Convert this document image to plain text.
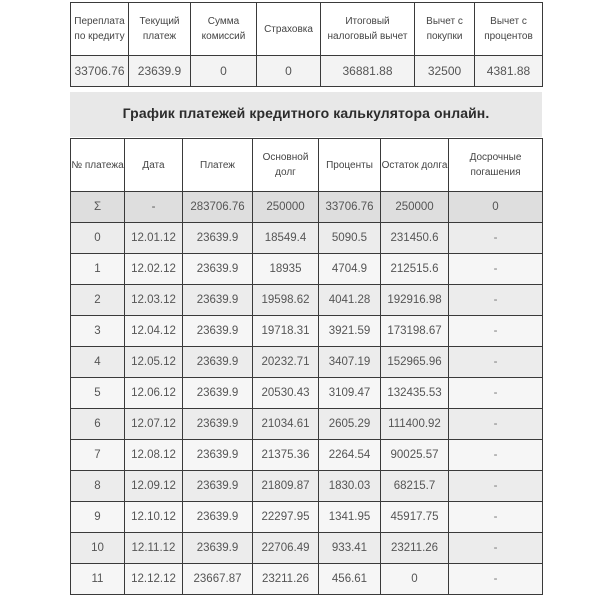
Переплата по кредиту	Текущий платеж	Сумма комиссий	Страховка	Итоговый налоговый вычет	Вычет с покупки	Вычет с процентов
33706.76	23639.9	0	0	36881.88	32500	4381.88
График платежей кредитного калькулятора онлайн.
№ платежа	Дата	Платеж	Основной долг	Проценты	Остаток долга	Досрочные погашения
Σ	-	283706.76	250000	33706.76	250000	0
0	12.01.12	23639.9	18549.4	5090.5	231450.6	-
1	12.02.12	23639.9	18935	4704.9	212515.6	-
2	12.03.12	23639.9	19598.62	4041.28	192916.98	-
3	12.04.12	23639.9	19718.31	3921.59	173198.67	-
4	12.05.12	23639.9	20232.71	3407.19	152965.96	-
5	12.06.12	23639.9	20530.43	3109.47	132435.53	-
6	12.07.12	23639.9	21034.61	2605.29	111400.92	-
7	12.08.12	23639.9	21375.36	2264.54	90025.57	-
8	12.09.12	23639.9	21809.87	1830.03	68215.7	-
9	12.10.12	23639.9	22297.95	1341.95	45917.75	-
10	12.11.12	23639.9	22706.49	933.41	23211.26	-
11	12.12.12	23667.87	23211.26	456.61	0	-
